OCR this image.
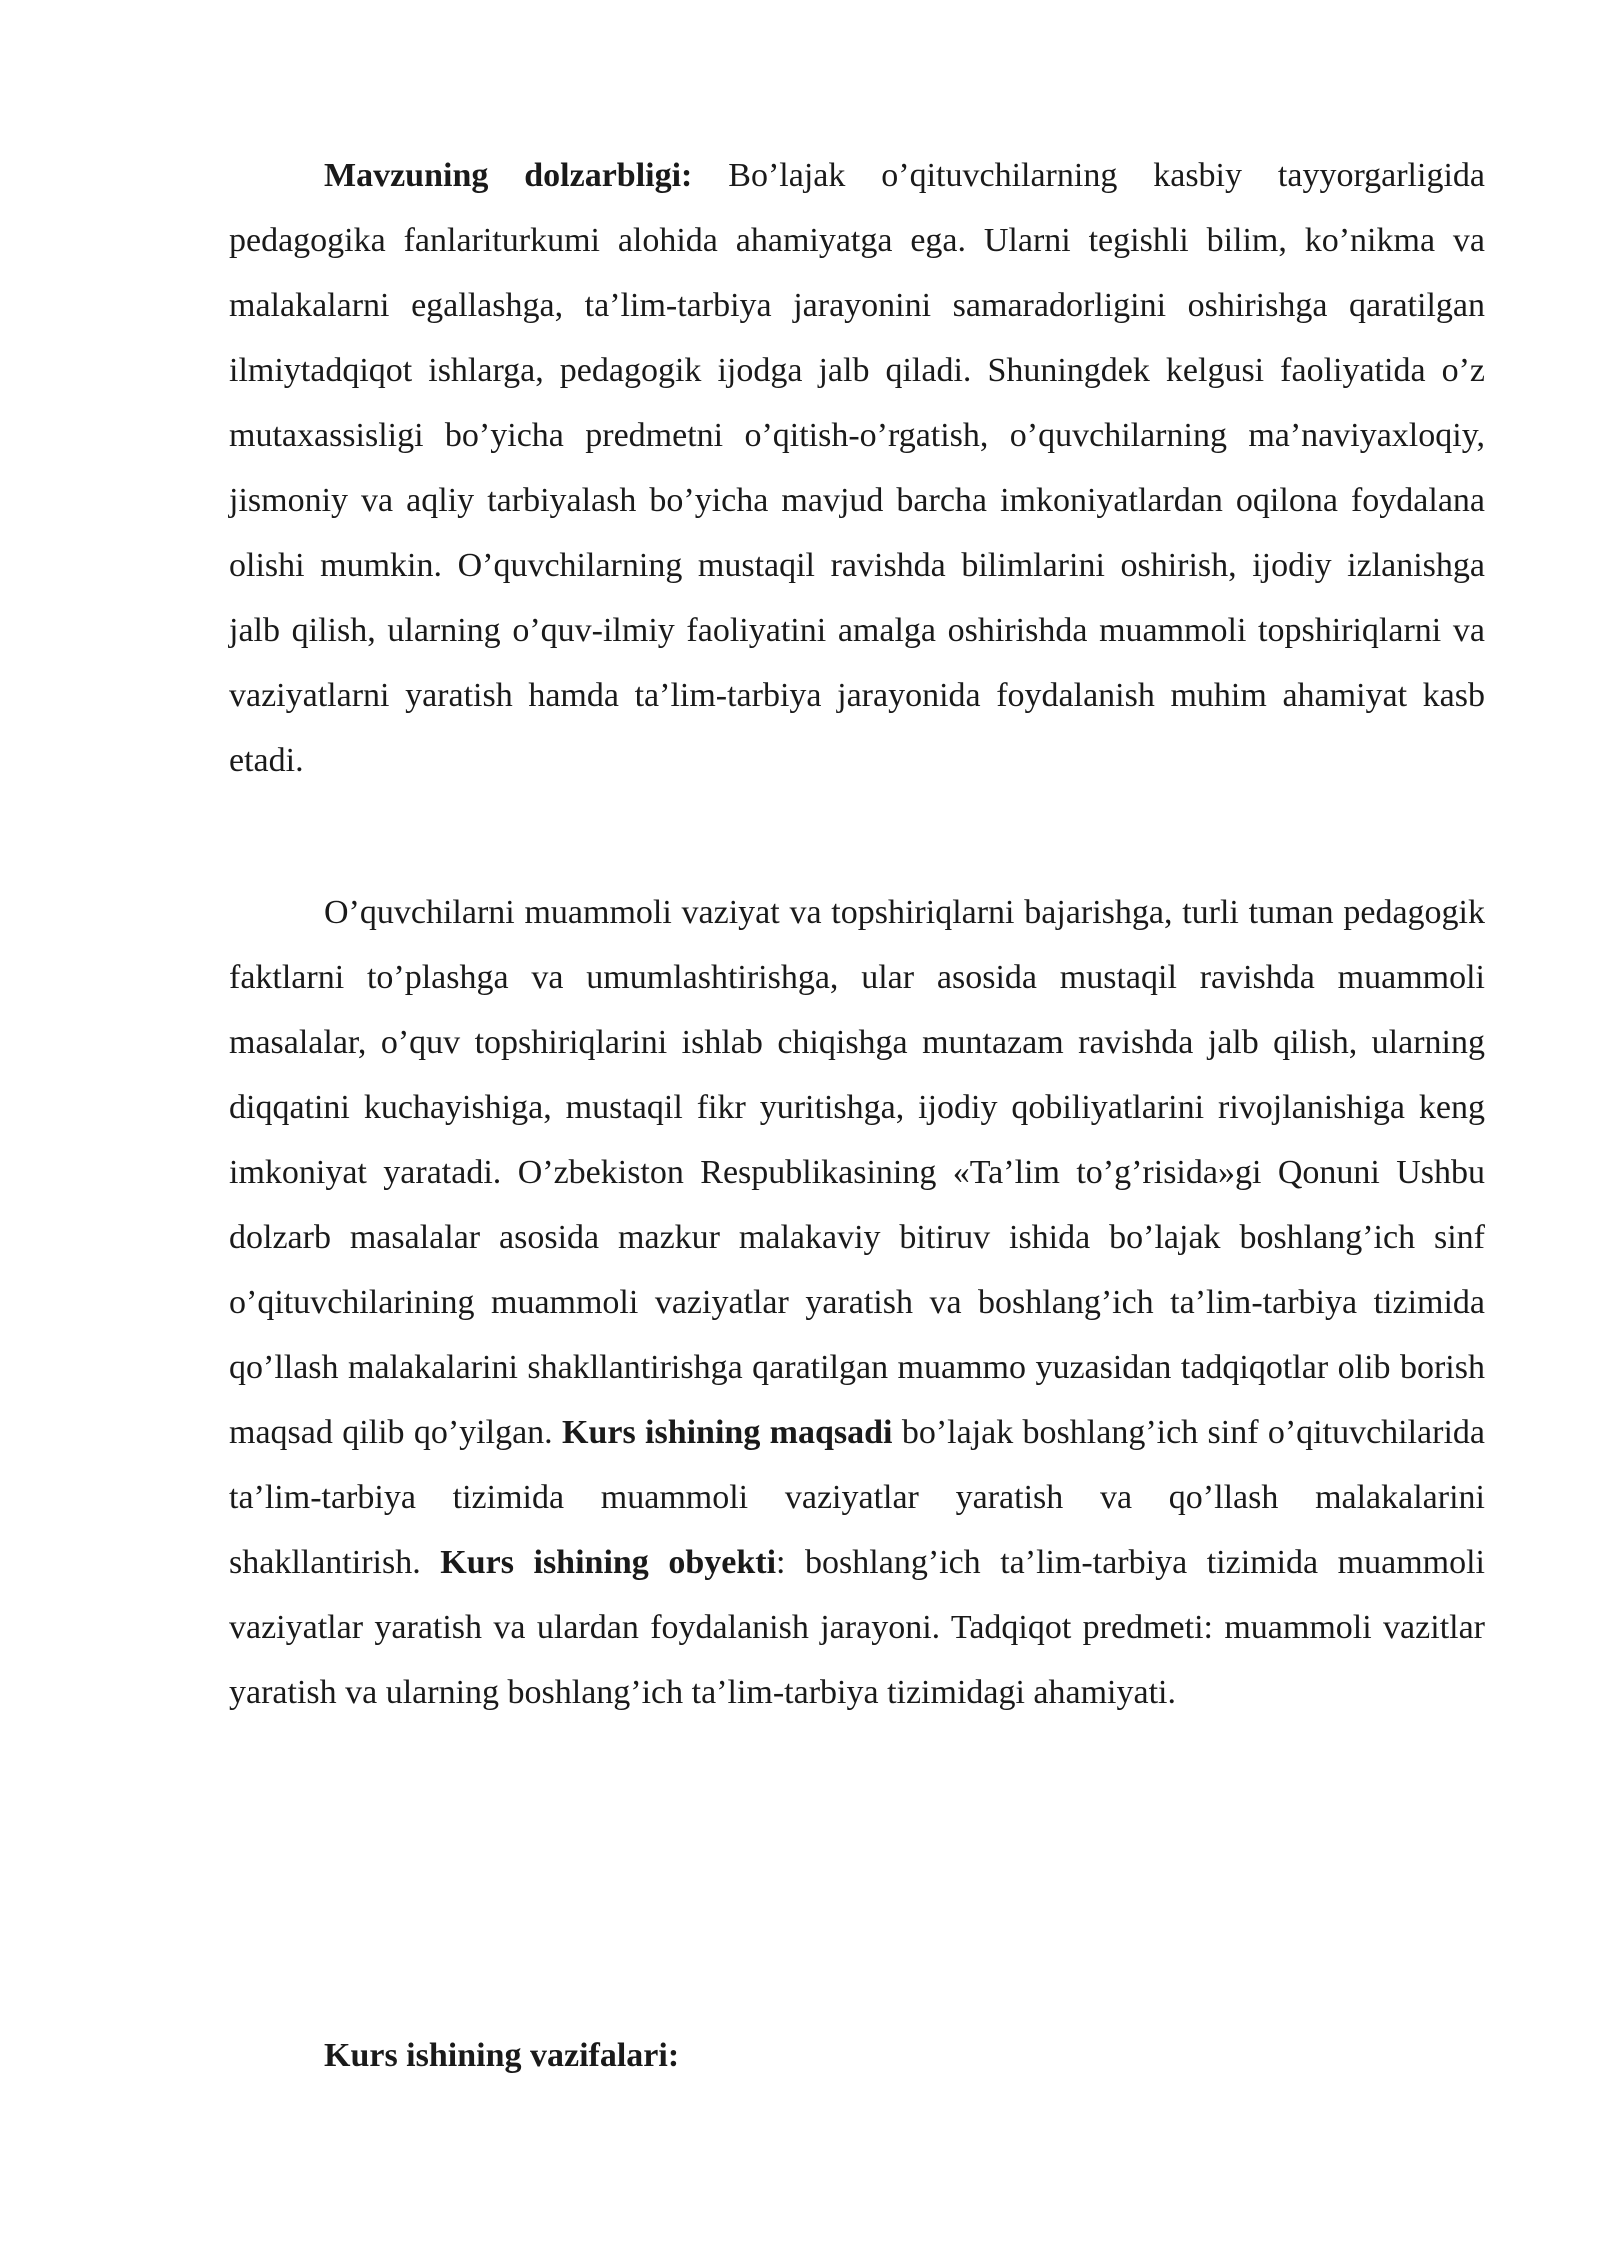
Mavzuning dolzarbligi: Bo’lajak o’qituvchilarning kasbiy tayyorgarligida pedagogika fanlariturkumi alohida ahamiyatga ega. Ularni tegishli bilim, ko’nikma va malakalarni egallashga, ta’lim-tarbiya jarayonini samaradorligini oshirishga qaratilgan ilmiytadqiqot ishlarga, pedagogik ijodga jalb qiladi. Shuningdek kelgusi faoliyatida o’z mutaxassisligi bo’yicha predmetni o’qitish-o’rgatish, o’quvchilarning ma’naviyaxloqiy, jismoniy va aqliy tarbiyalash bo’yicha mavjud barcha imkoniyatlardan oqilona foydalana olishi mumkin. O’quvchilarning mustaqil ravishda bilimlarini oshirish, ijodiy izlanishga jalb qilish, ularning o’quv-ilmiy faoliyatini amalga oshirishda muammoli topshiriqlarni va vaziyatlarni yaratish hamda ta’lim-tarbiya jarayonida foydalanish muhim ahamiyat kasb etadi.
O’quvchilarni muammoli vaziyat va topshiriqlarni bajarishga, turli tuman pedagogik faktlarni to’plashga va umumlashtirishga, ular asosida mustaqil ravishda muammoli masalalar, o’quv topshiriqlarini ishlab chiqishga muntazam ravishda jalb qilish, ularning diqqatini kuchayishiga, mustaqil fikr yuritishga, ijodiy qobiliyatlarini rivojlanishiga keng imkoniyat yaratadi. O’zbekiston Respublikasining «Ta’lim to’g’risida»gi Qonuni Ushbu dolzarb masalalar asosida mazkur malakaviy bitiruv ishida bo’lajak boshlang’ich sinf o’qituvchilarining muammoli vaziyatlar yaratish va boshlang’ich ta’lim-tarbiya tizimida qo’llash malakalarini shakllantirishga qaratilgan muammo yuzasidan tadqiqotlar olib borish maqsad qilib qo’yilgan. Kurs ishining maqsadi bo’lajak boshlang’ich sinf o’qituvchilarida ta’lim-tarbiya tizimida muammoli vaziyatlar yaratish va qo’llash malakalarini shakllantirish. Kurs ishining obyekti: boshlang’ich ta’lim-tarbiya tizimida muammoli vaziyatlar yaratish va ulardan foydalanish jarayoni. Tadqiqot predmeti: muammoli vazitlar yaratish va ularning boshlang’ich ta’lim-tarbiya tizimidagi ahamiyati.
Kurs ishining vazifalari:
